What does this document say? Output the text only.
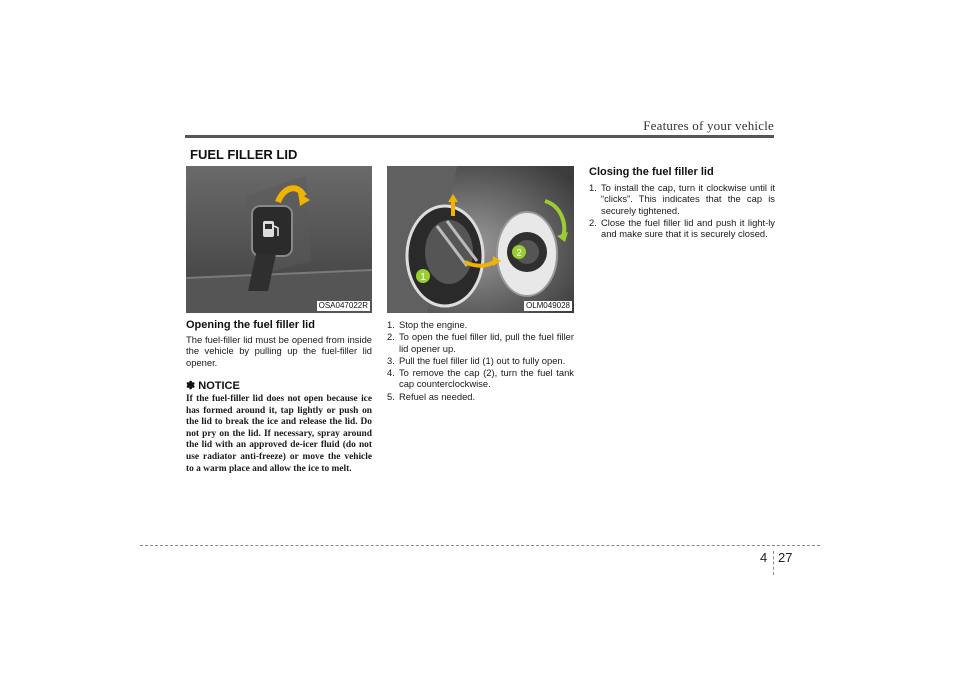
Features of your vehicle
FUEL FILLER LID
OSA047022R
Opening the fuel filler lid
The fuel-filler lid must be opened from inside the vehicle by pulling up the fuel-filler lid opener.
✽ NOTICE
If the fuel-filler lid does not open because ice has formed around it, tap lightly or push on the lid to break the ice and release the lid. Do not pry on the lid. If necessary, spray around the lid with an approved de-icer fluid (do not use radiator anti-freeze) or move the vehicle to a warm place and allow the ice to melt.
1
2
OLM049028
1. Stop the engine.
2. To open the fuel filler lid, pull the fuel filler lid opener up.
3. Pull the fuel filler lid (1) out to fully open.
4. To remove the cap (2), turn the fuel tank cap counterclockwise.
5. Refuel as needed.
Closing the fuel filler lid
1. To install the cap, turn it clockwise until it “clicks”. This indicates that the cap is securely tightened.
2. Close the fuel filler lid and push it light-ly and make sure that it is securely closed.
4 27
